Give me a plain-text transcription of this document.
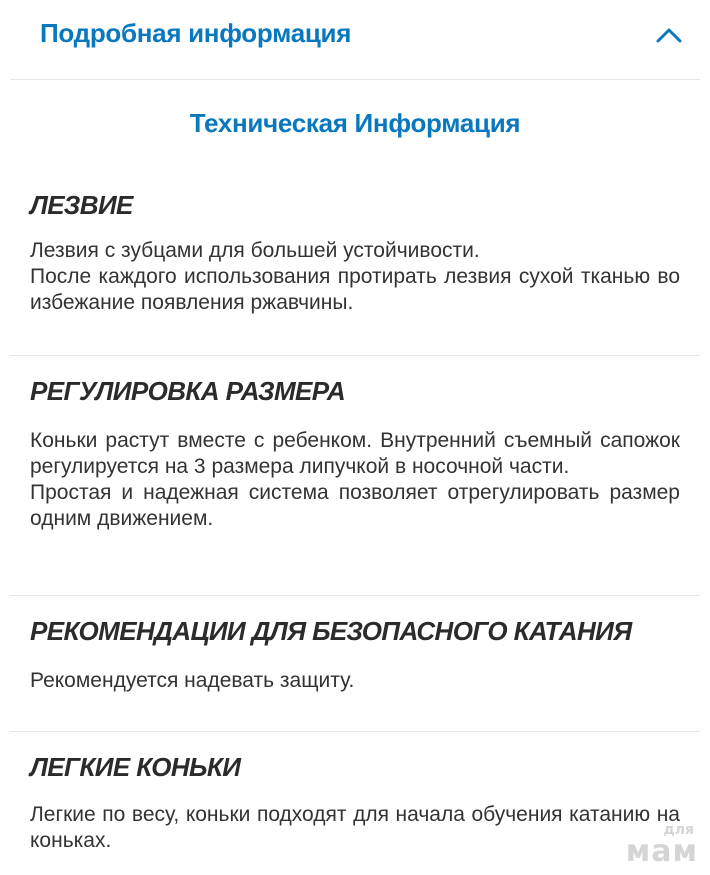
Подробная информация
Техническая Информация
ЛЕЗВИЕ

Лезвия с зубцами для большей устойчивости.

После каждого использования протирать лезвия сухой тканью во избежание появления ржавчины.

РЕГУЛИРОВКА РАЗМЕРА

Коньки растут вместе с ребенком. Внутренний съемный сапожок регулируется на 3 размера липучкой в носочной части.

Простая и надежная система позволяет отрегулировать размер одним движением.

РЕКОМЕНДАЦИИ ДЛЯ БЕЗОПАСНОГО КАТАНИЯ

Рекомендуется надевать защиту.

ЛЕГКИЕ КОНЬКИ

Легкие по весу, коньки подходят для начала обучения катанию на коньках.	для
мам
